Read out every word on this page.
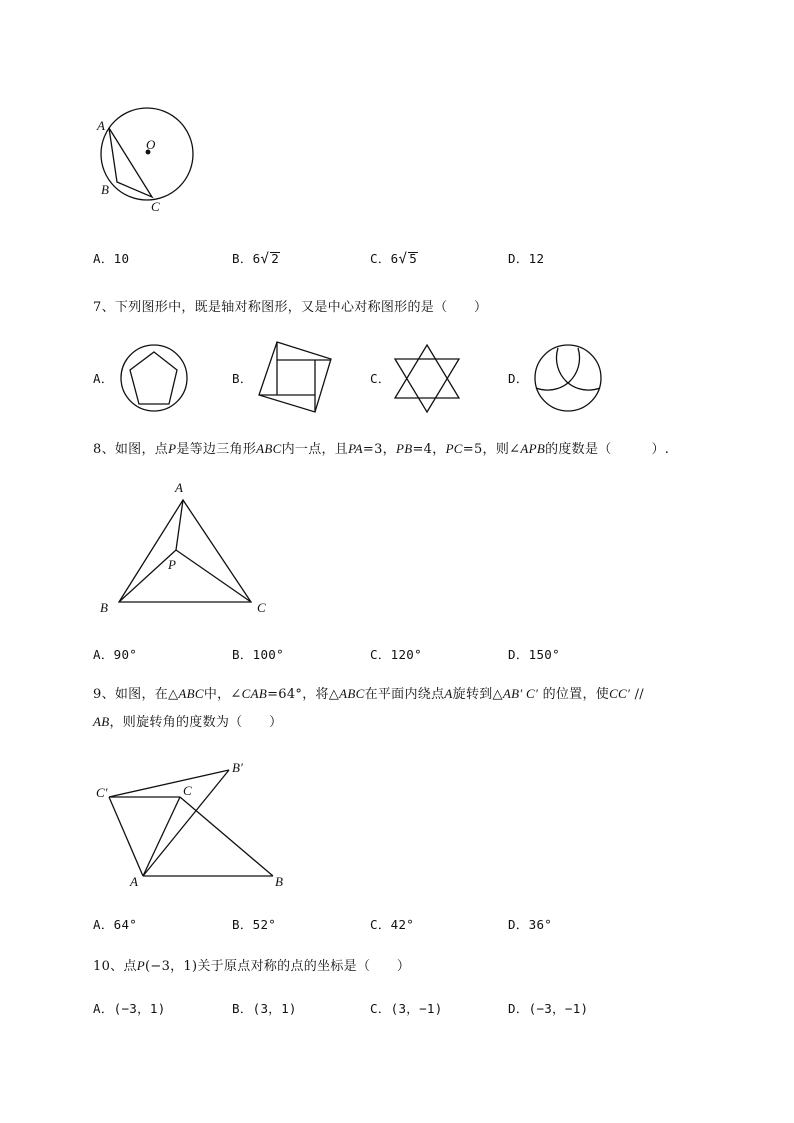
A
O
B
C
A．10	B．6√ 2	C．6√ 5	D．12
7、下列图形中，既是轴对称图形，又是中心对称图形的是（　　）
A．	B．	C．	D．
8、如图，点P是等边三角形ABC内一点，且PA=3，PB=4，PC=5，则∠APB的度数是（　　　）.
A
P
B	C
A．90°	B．100°	C．120°	D．150°
9、如图，在△ABC中，∠CAB=64°，将△ABC在平面内绕点A旋转到△AB′ C′ 的位置，使CC′ //
AB，则旋转角的度数为（　　）
C′
B′
C
A	B
A．64°	B．52°	C．42°	D．36°
10、点P(−3，1)关于原点对称的点的坐标是（　　）
A．(−3，1)	B．(3，1)	C．(3，−1)	D．(−3，−1)
